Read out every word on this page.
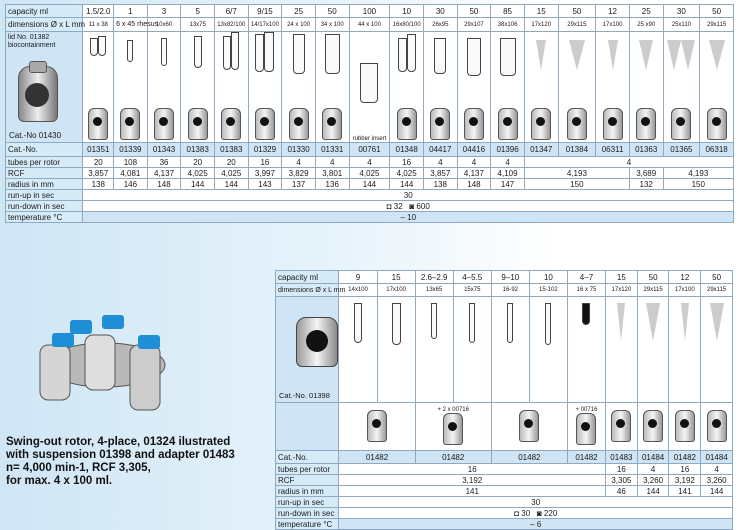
capacity ml	1.5/2.0	1	3	5	6/7	9/15	25	50	100	10	30	50	85	15	50	12	25	30	50
dimensions Ø x L mm	11 x 38	6 x 45 rhesus	10x60	13x75	13x82/100	14/17x100	24 x 100	34 x 100	44 x 100	16x80/100	26x95	29x107	38x106	17x120	29x115	17x100	25 x90	25x110	29x115

lid No. 01382
biocontainment
Cat.-No 01430									rubber insert	

Cat.-No.	01351	01339	01343	01383	01383	01329	01330	01331	00761	01348	04417	04416	01396	01347	01384	06311	01363	01365	06318
tubes per rotor	20	108	36	20	20	16	4	4	4	16	4	4	4	4					
RCF	3,857	4,081	4,137	4,025	4,025	3,997	3,829	3,801	4,025	4,025	3,857	4,137	4,109	4,193			3,689	4,193	
radius in mm	138	146	148	144	144	143	137	136	144	144	138	148	147	150			132	150	
run-up in sec	30																		
run-down in sec	◘ 32 ◙ 600																		
temperature °C	– 10																		
Swing-out rotor, 4-place, 01324 ilustrated
with suspension 01398 and adapter 01483
n= 4,000 min-1, RCF 3,305,
for max. 4 x 100 ml.
capacity ml	9	15	2.6–2.9	4–5.5	9–10	10	4–7	15	50	12	50
dimensions Ø x L mm	14x100	17x100	13x65	15x75	16-92	15-102	16 x 75	17x120	29x115	17x100	29x115

Cat.-No. 01398											

			+ 2 x 00716				+ 00716				

Cat.-No.	01482		01482		01482		01482	01483	01484	01482	01484
tubes per rotor	16							16	4	16	4
RCF	3,192							3,305	3,260	3,192	3,260
radius in mm	141							46	144	141	144
run-up in sec	30										
run-down in sec	◘ 30 ◙ 220										
temperature °C	– 6										
